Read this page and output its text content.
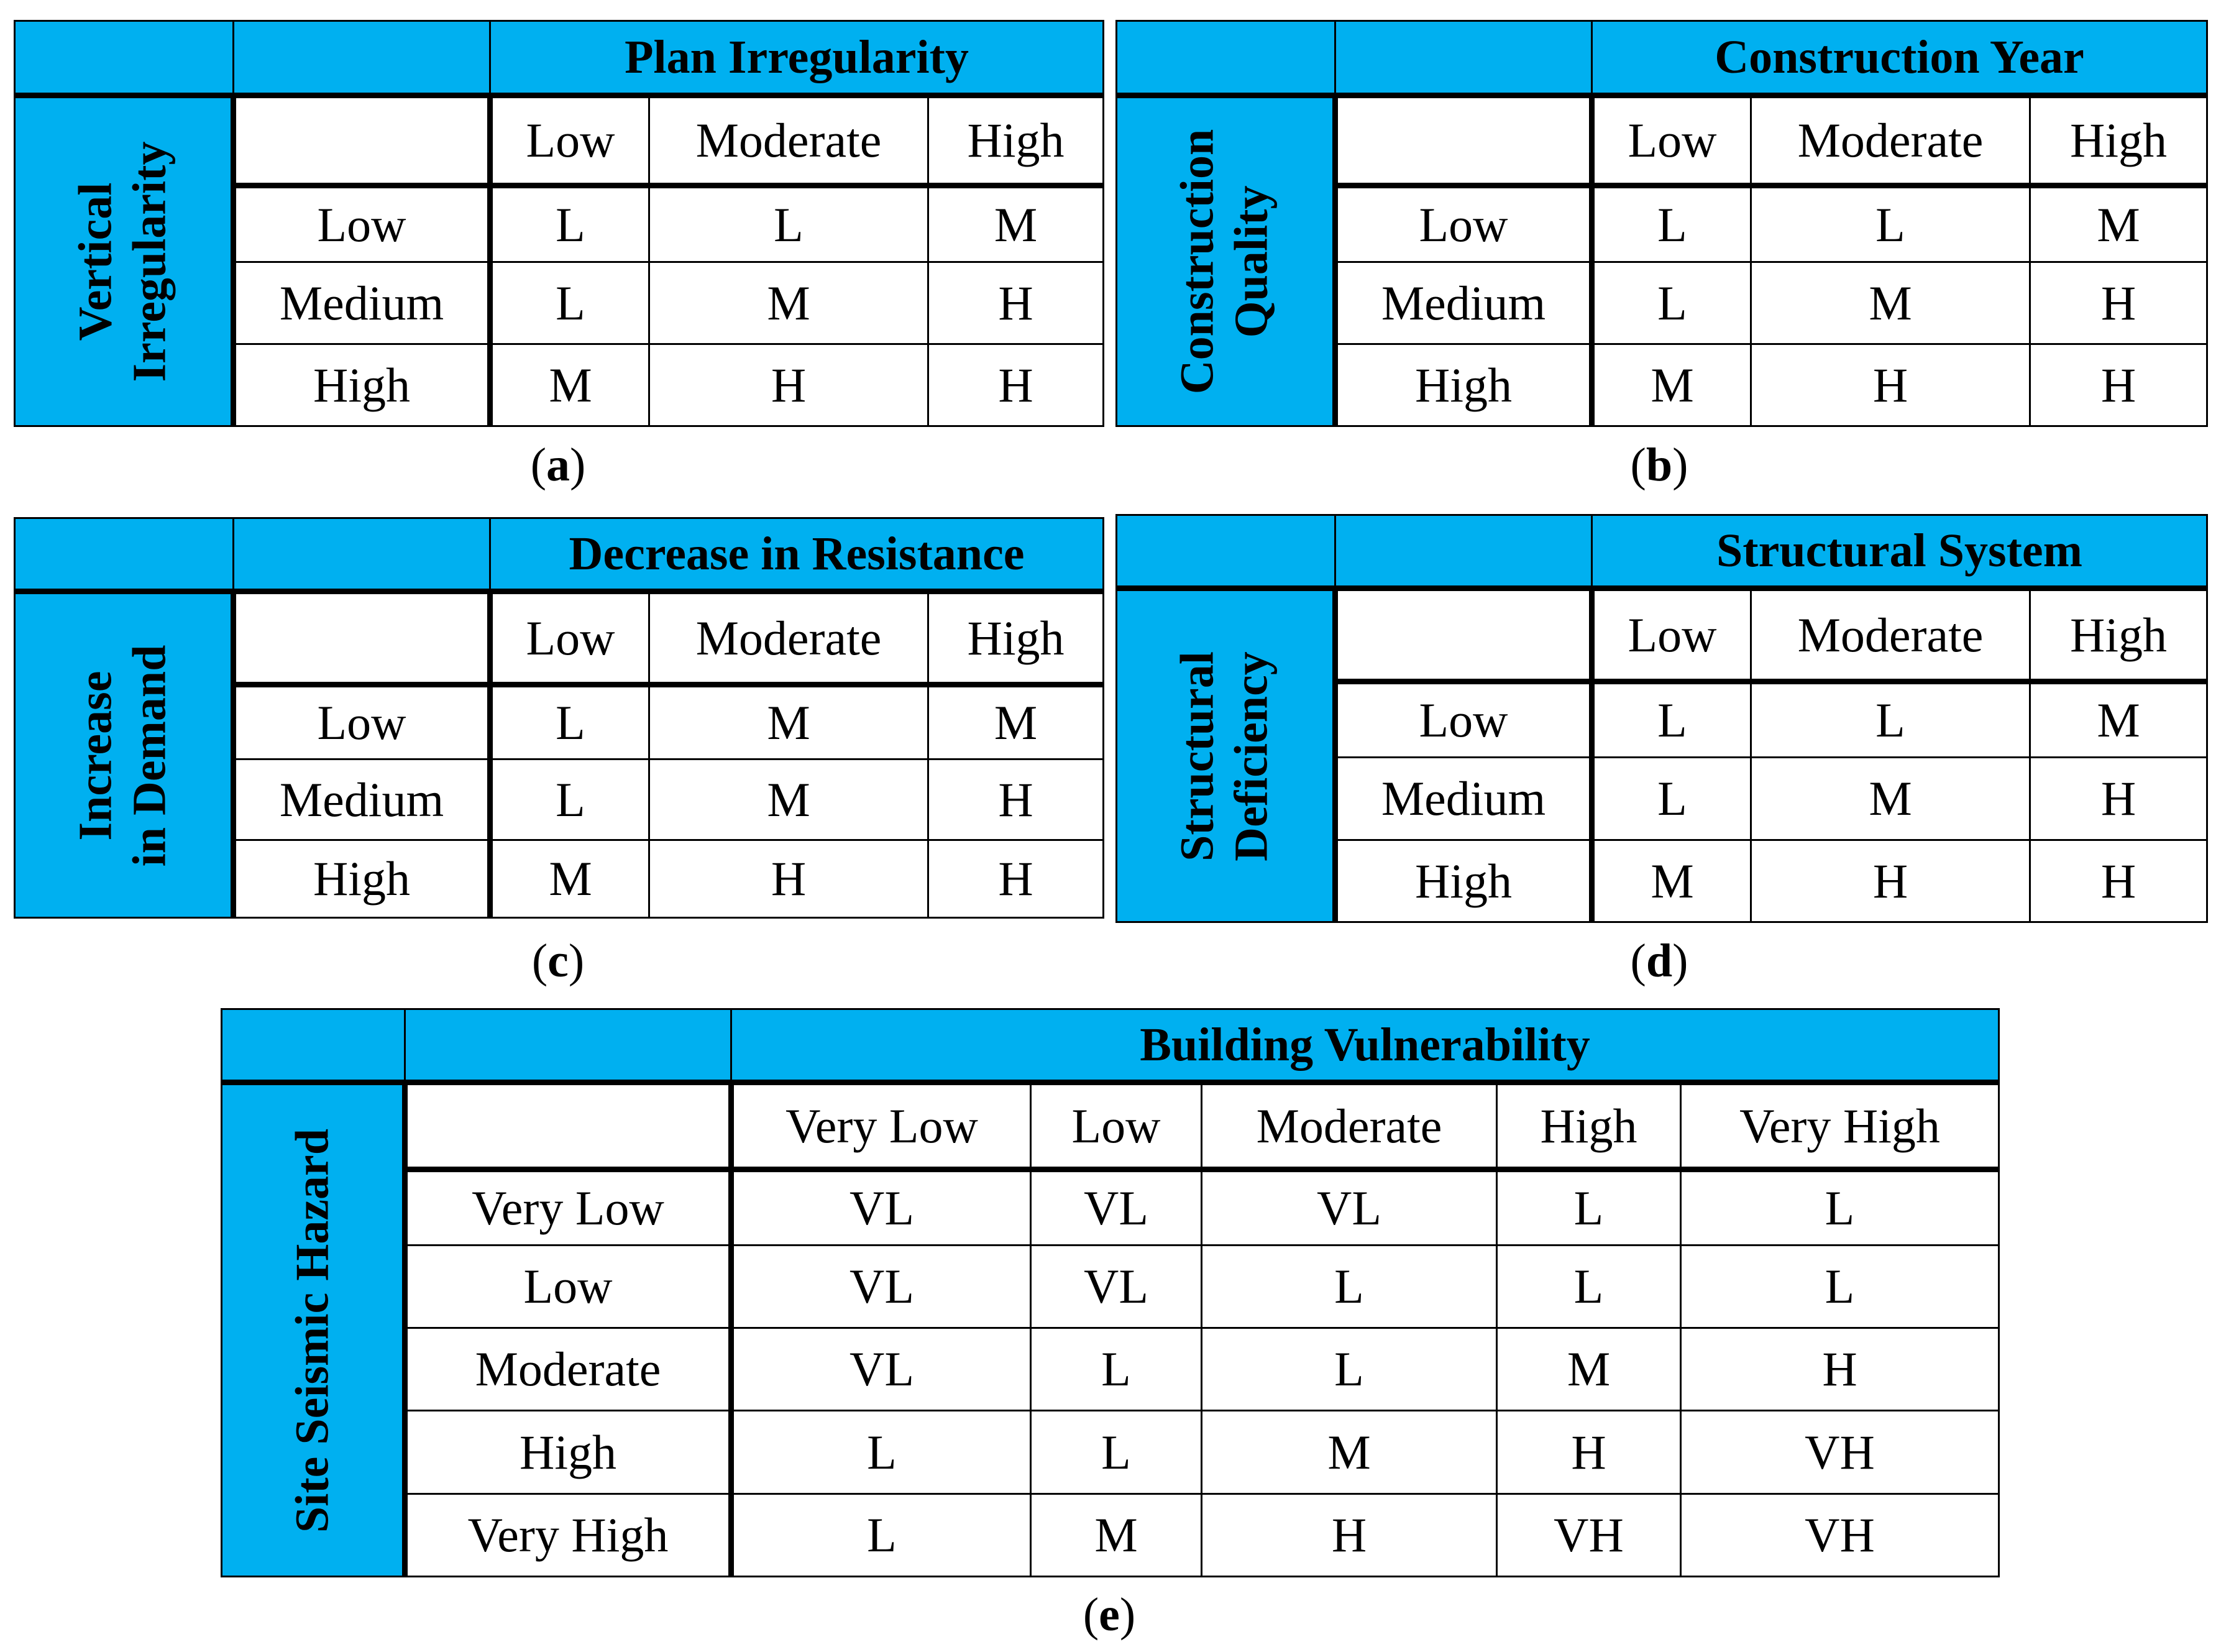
		Plan Irregularity		

Vertical Irregularity		Low	Moderate	High
	Low	L	L	M
	Medium	L	M	H
	High	M	H	H
(a)
		Construction Year		

Construction Quality		Low	Moderate	High
	Low	L	L	M
	Medium	L	M	H
	High	M	H	H
(b)
		Decrease in Resistance		

Increase in Demand		Low	Moderate	High
	Low	L	M	M
	Medium	L	M	H
	High	M	H	H
(c)
		Structural System		

Structural Deficiency		Low	Moderate	High
	Low	L	L	M
	Medium	L	M	H
	High	M	H	H
(d)
		Building Vulnerability				

Site Seismic Hazard		Very Low	Low	Moderate	High	Very High
	Very Low	VL	VL	VL	L	L
	Low	VL	VL	L	L	L
	Moderate	VL	L	L	M	H
	High	L	L	M	H	VH
	Very High	L	M	H	VH	VH
(e)
